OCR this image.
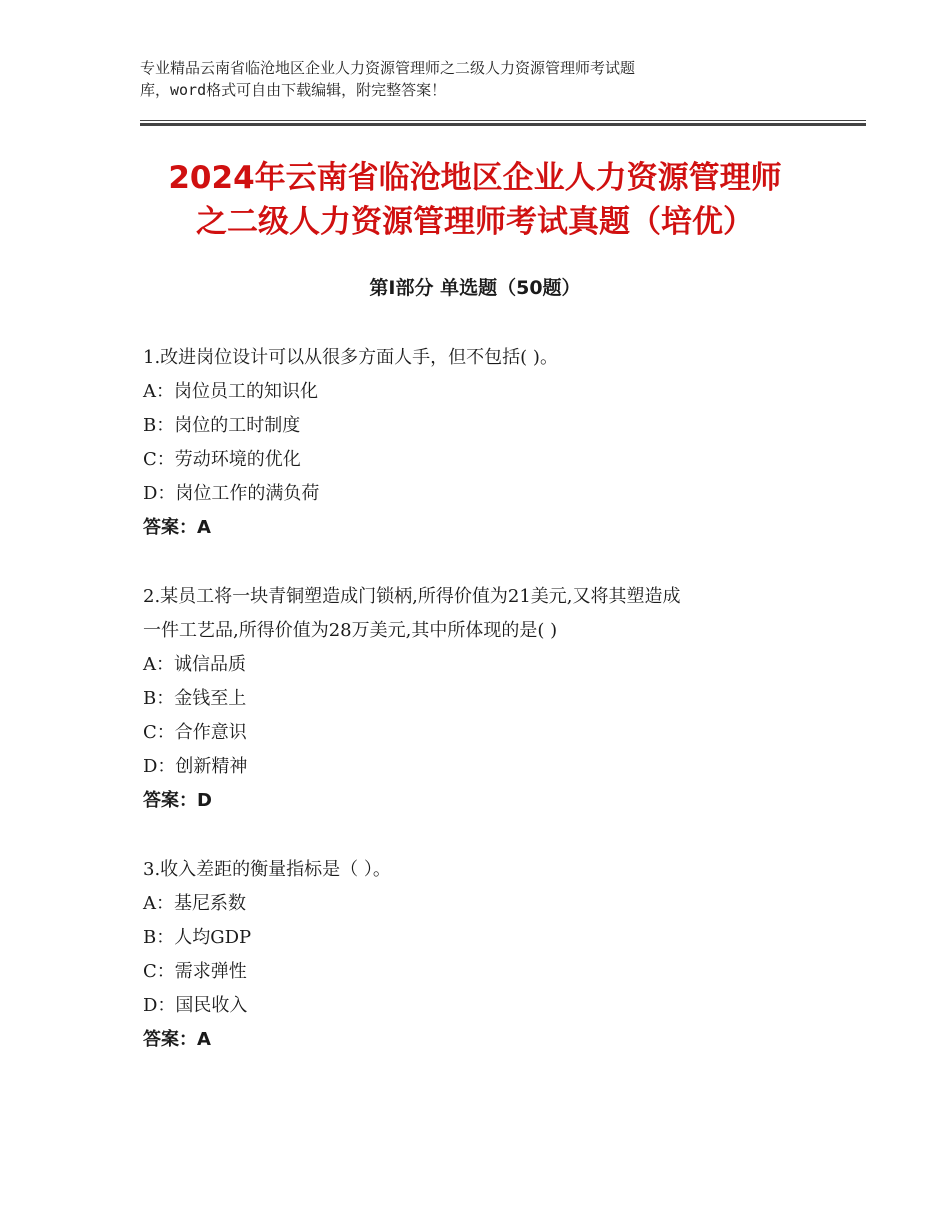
专业精品云南省临沧地区企业人力资源管理师之二级人力资源管理师考试题
库，word格式可自由下载编辑，附完整答案！
2024年云南省临沧地区企业人力资源管理师
之二级人力资源管理师考试真题（培优）
第Ⅰ部分 单选题（50题）
1.改进岗位设计可以从很多方面人手，但不包括( )。
A：岗位员工的知识化
B：岗位的工时制度
C：劳动环境的优化
D：岗位工作的满负荷
答案：A
2.某员工将一块青铜塑造成门锁柄,所得价值为21美元,又将其塑造成
一件工艺品,所得价值为28万美元,其中所体现的是( )
A：诚信品质
B：金钱至上
C：合作意识
D：创新精神
答案：D
3.收入差距的衡量指标是（ ）。
A：基尼系数
B：人均GDP
C：需求弹性
D：国民收入
答案：A
